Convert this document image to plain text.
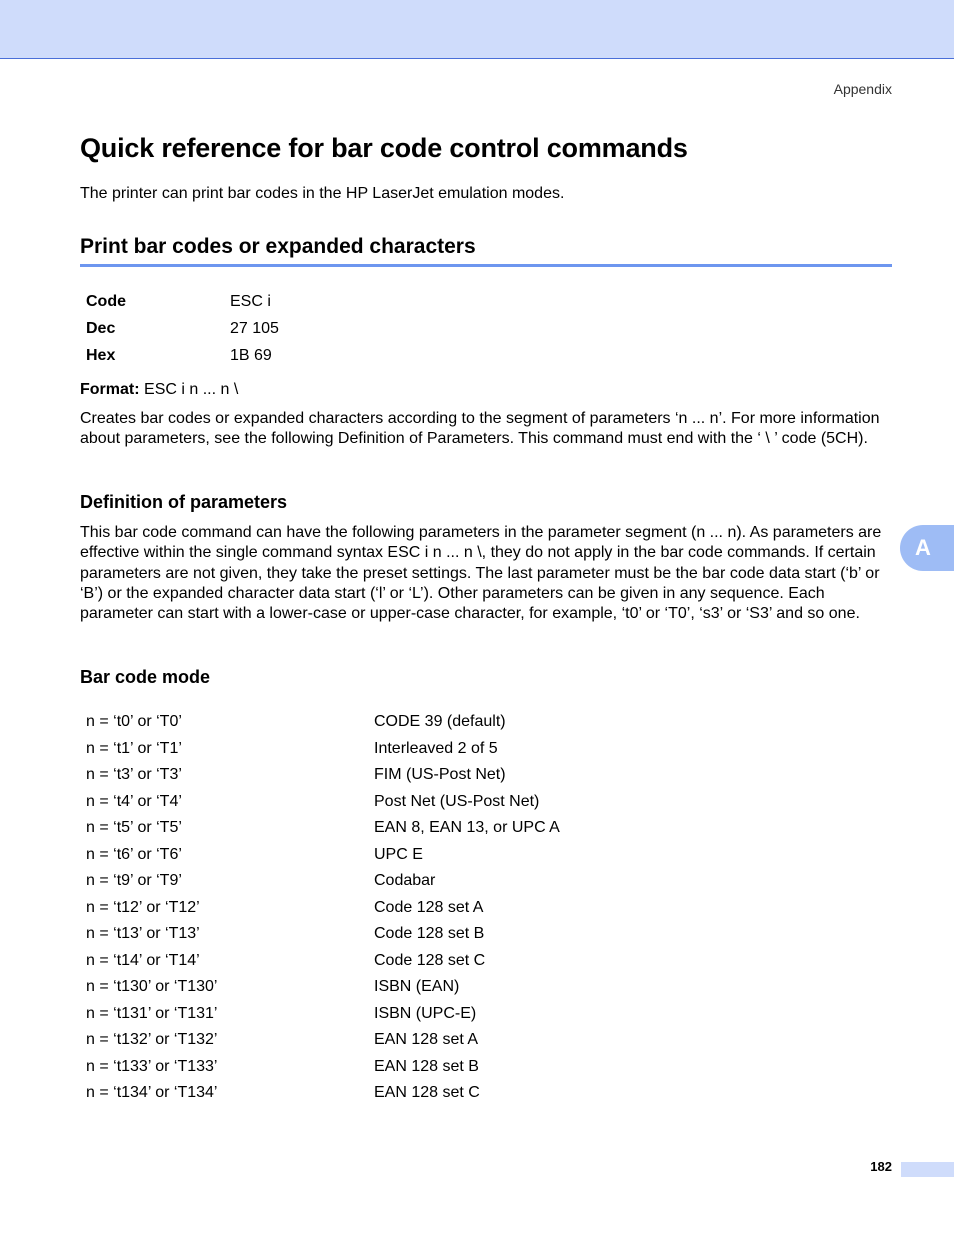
Appendix
Quick reference for bar code control commands

The printer can print bar codes in the HP LaserJet emulation modes.

Print bar codes or expanded characters
Code	ESC i
Dec	27 105
Hex	1B 69
Format: ESC i n ... n \

Creates bar codes or expanded characters according to the segment of parameters ‘n ... n’. For more information about parameters, see the following Definition of Parameters. This command must end with the ‘ \ ’ code (5CH).

Definition of parameters

This bar code command can have the following parameters in the parameter segment (n ... n). As parameters are effective within the single command syntax ESC i n ... n \, they do not apply in the bar code commands. If certain parameters are not given, they take the preset settings. The last parameter must be the bar code data start (‘b’ or ‘B’) or the expanded character data start (‘l’ or ‘L’). Other parameters can be given in any sequence. Each parameter can start with a lower-case or upper-case character, for example, ‘t0’ or ‘T0’, ‘s3’ or ‘S3’ and so one.

Bar code mode
n = ‘t0’ or ‘T0’	CODE 39 (default)
n = ‘t1’ or ‘T1’	Interleaved 2 of 5
n = ‘t3’ or ‘T3’	FIM (US-Post Net)
n = ‘t4’ or ‘T4’	Post Net (US-Post Net)
n = ‘t5’ or ‘T5’	EAN 8, EAN 13, or UPC A
n = ‘t6’ or ‘T6’	UPC E
n = ‘t9’ or ‘T9’	Codabar
n = ‘t12’ or ‘T12’	Code 128 set A
n = ‘t13’ or ‘T13’	Code 128 set B
n = ‘t14’ or ‘T14’	Code 128 set C
n = ‘t130’ or ‘T130’	ISBN (EAN)
n = ‘t131’ or ‘T131’	ISBN (UPC-E)
n = ‘t132’ or ‘T132’	EAN 128 set A
n = ‘t133’ or ‘T133’	EAN 128 set B
n = ‘t134’ or ‘T134’	EAN 128 set C
A
182
